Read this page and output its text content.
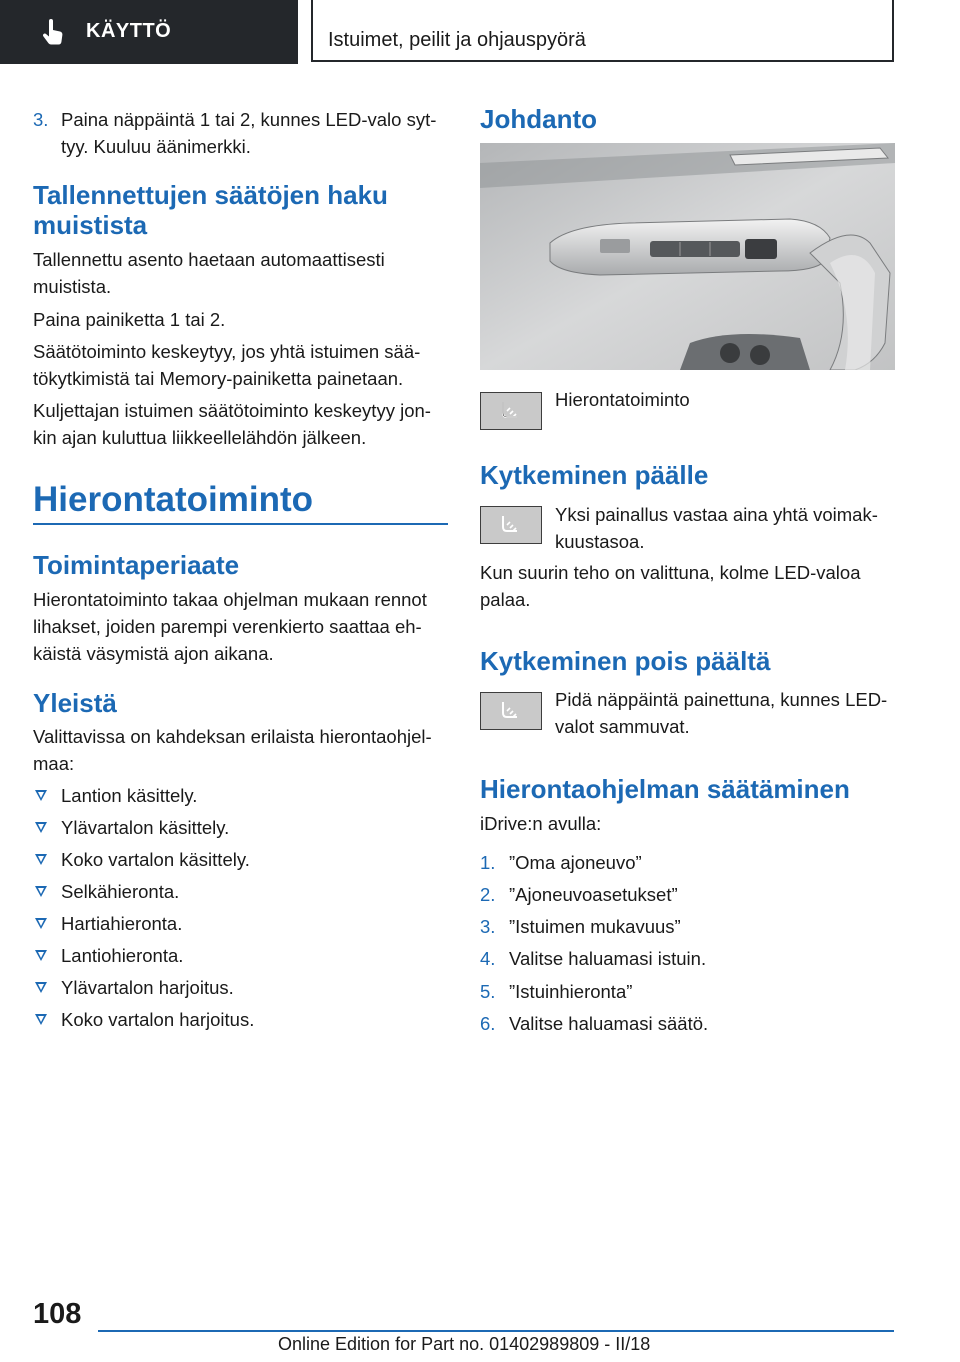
KÄYTTÖ	Istuimet, peilit ja ohjauspyörä
3. Paina näppäintä 1 tai 2, kunnes LED-valo syt‐
tyy. Kuuluu äänimerkki.
Tallennettujen säätöjen haku
muistista
Tallennettu asento haetaan automaattisesti
muistista.
Paina painiketta 1 tai 2.
Säätötoiminto keskeytyy, jos yhtä istuimen sää‐
tökytkimistä tai Memory-painiketta painetaan.
Kuljettajan istuimen säätötoiminto keskeytyy jon‐
kin ajan kuluttua liikkeellelähdön jälkeen.
Hierontatoiminto
Toimintaperiaate
Hierontatoiminto takaa ohjelman mukaan rennot
lihakset, joiden parempi verenkierto saattaa eh‐
käistä väsymistä ajon aikana.
Yleistä
Valittavissa on kahdeksan erilaista hierontaohjel‐
maa:
Lantion käsittely.
Ylävartalon käsittely.
Koko vartalon käsittely.
Selkähieronta.
Hartiahieronta.
Lantiohieronta.
Ylävartalon harjoitus.
Koko vartalon harjoitus.
Johdanto
Hierontatoiminto
Kytkeminen päälle
Yksi painallus vastaa aina yhtä voimak‐
kuustasoa.
Kun suurin teho on valittuna, kolme LED-valoa
palaa.
Kytkeminen pois päältä
Pidä näppäintä painettuna, kunnes LED-
valot sammuvat.
Hierontaohjelman säätäminen
iDrive:n avulla:
1. ”Oma ajoneuvo”
2. ”Ajoneuvoasetukset”
3. ”Istuimen mukavuus”
4. Valitse haluamasi istuin.
5. ”Istuinhieronta”
6. Valitse haluamasi säätö.
108
Online Edition for Part no. 01402989809 - II/18
